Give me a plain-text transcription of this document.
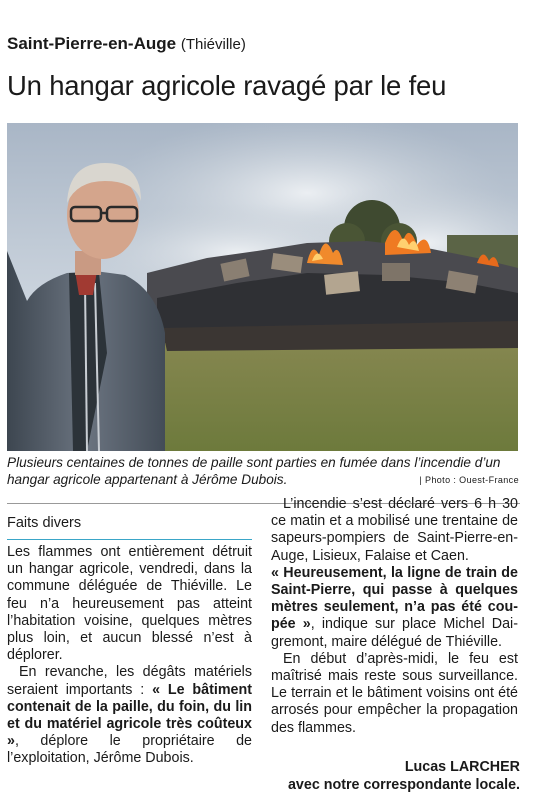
Saint-Pierre-en-Auge (Thiéville)
Un hangar agricole ravagé par le feu

Plusieurs centaines de tonnes de paille sont parties en fumée dans l’incendie d’un hangar agricole appartenant à Jérôme Dubois.	| Photo : Ouest-France
Faits divers

Les flammes ont entièrement détruit un hangar agricole, vendredi, dans la commune déléguée de Thiéville. Le feu n’a heureusement pas atteint l’habitation voisine, quelques mètres plus loin, et aucun blessé n’est à déplorer.

En revanche, les dégâts matériels seraient importants : « Le bâtiment contenait de la paille, du foin, du lin et du matériel agricole très coûteux », déplore le propriétaire de l’exploitation, Jérôme Dubois.

L’incendie s’est déclaré vers 6 h 30 ce matin et a mobilisé une trentaine de sapeurs-pompiers de Saint-Pierre-en-Auge, Lisieux, Falaise et Caen.

« Heureusement, la ligne de train de Saint-Pierre, qui passe à quelques mètres seulement, n’a pas été coupée », indique sur place Michel Daigremont, maire délégué de Thiéville.

En début d’après-midi, le feu est maîtrisé mais reste sous surveillance. Le terrain et le bâtiment voisins ont été arrosés pour empêcher la propagation des flammes.

Lucas LARCHER
avec notre correspondante locale.
